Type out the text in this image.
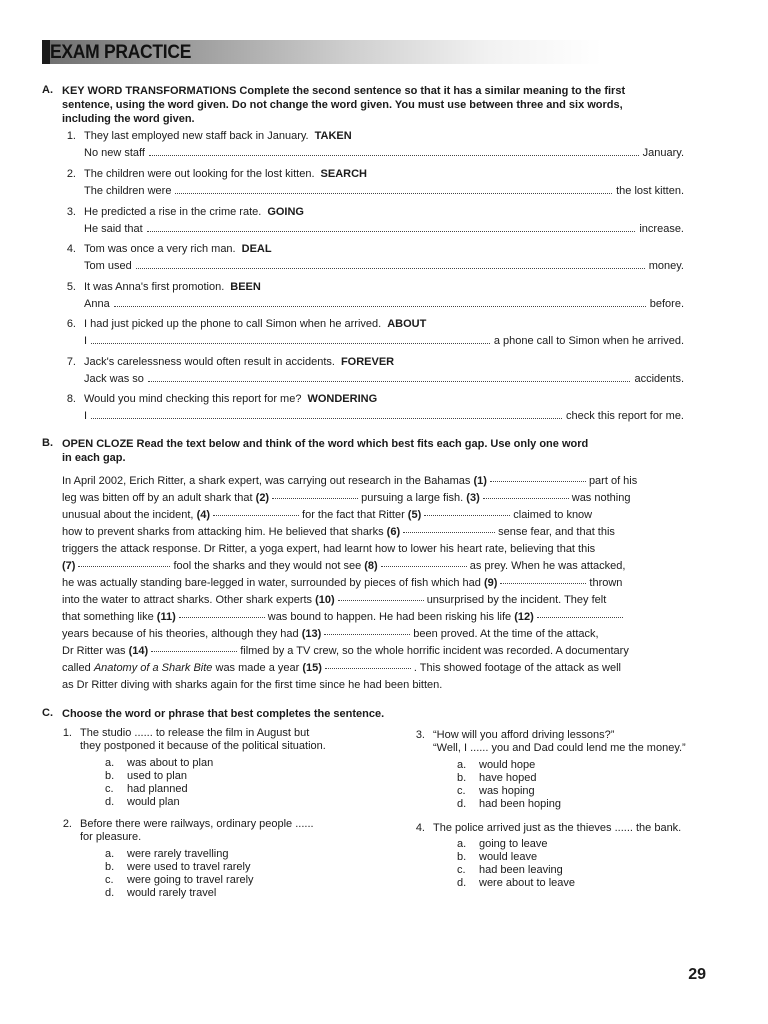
EXAM PRACTICE
A. KEY WORD TRANSFORMATIONS Complete the second sentence so that it has a similar meaning to the first
sentence, using the word given. Do not change the word given. You must use between three and six words,
including the word given.
1. They last employed new staff back in January. TAKEN
No new staff	January.
2. The children were out looking for the lost kitten. SEARCH
The children were	the lost kitten.
3. He predicted a rise in the crime rate. GOING
He said that	increase.
4. Tom was once a very rich man. DEAL
Tom used	money.
5. It was Anna's first promotion. BEEN
Anna	before.
6. I had just picked up the phone to call Simon when he arrived. ABOUT
I	a phone call to Simon when he arrived.
7. Jack's carelessness would often result in accidents. FOREVER
Jack was so	accidents.
8. Would you mind checking this report for me? WONDERING
I	check this report for me.
B. OPEN CLOZE Read the text below and think of the word which best fits each gap. Use only one word
in each gap.
In April 2002, Erich Ritter, a shark expert, was carrying out research in the Bahamas (1)	part of his
leg was bitten off by an adult shark that (2)	pursuing a large fish. (3)	was nothing
unusual about the incident, (4)	for the fact that Ritter (5)	claimed to know
how to prevent sharks from attacking him. He believed that sharks (6)	sense fear, and that this
triggers the attack response. Dr Ritter, a yoga expert, had learnt how to lower his heart rate, believing that this
(7)	fool the sharks and they would not see (8)	as prey. When he was attacked,
he was actually standing bare-legged in water, surrounded by pieces of fish which had (9)	thrown
into the water to attract sharks. Other shark experts (10)	unsurprised by the incident. They felt
that something like (11)	was bound to happen. He had been risking his life (12)
years because of his theories, although they had (13)	been proved. At the time of the attack,
Dr Ritter was (14)	filmed by a TV crew, so the whole horrific incident was recorded. A documentary
called Anatomy of a Shark Bite was made a year (15)	. This showed footage of the attack as well
as Dr Ritter diving with sharks again for the first time since he had been bitten.
C. Choose the word or phrase that best completes the sentence.
1. The studio ...... to release the film in August but
they postponed it because of the political situation.
a. was about to plan
b. used to plan
c. had planned
d. would plan
2. Before there were railways, ordinary people ......
for pleasure.
a. were rarely travelling
b. were used to travel rarely
c. were going to travel rarely
d. would rarely travel
3. “How will you afford driving lessons?”
“Well, I ...... you and Dad could lend me the money.”
a. would hope
b. have hoped
c. was hoping
d. had been hoping
4. The police arrived just as the thieves ...... the bank.
a. going to leave
b. would leave
c. had been leaving
d. were about to leave
29
